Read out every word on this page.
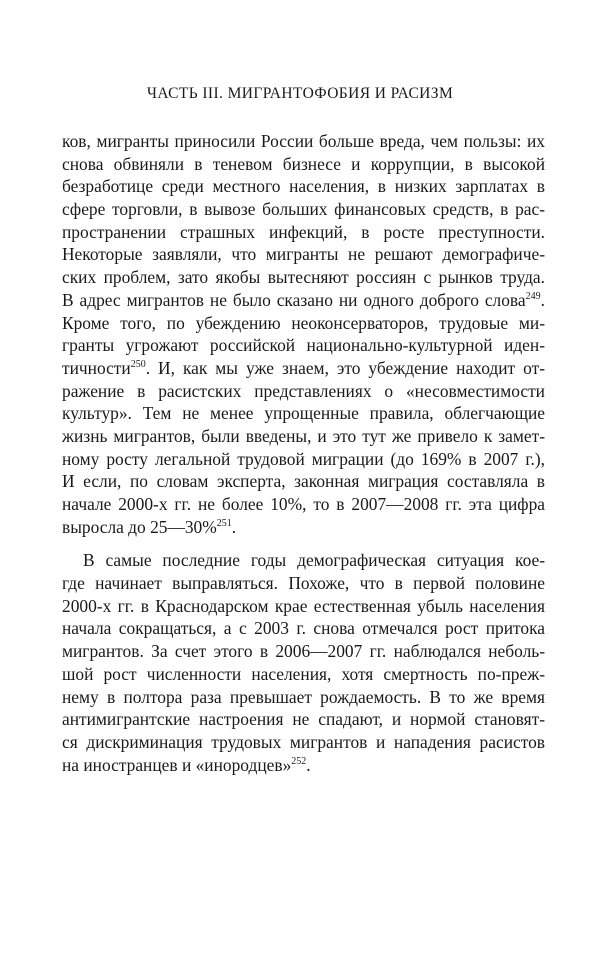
ЧАСТЬ III. МИГРАНТОФОБИЯ И РАСИЗМ
ков, мигранты приносили России больше вреда, чем пользы: их
снова обвиняли в теневом бизнесе и коррупции, в высокой
безработице среди местного населения, в низких зарплатах в
сфере торговли, в вывозе больших финансовых средств, в рас-
пространении страшных инфекций, в росте преступности.
Некоторые заявляли, что мигранты не решают демографиче-
ских проблем, зато якобы вытесняют россиян с рынков труда.
В адрес мигрантов не было сказано ни одного доброго слова$^{249}$.
Кроме того, по убеждению неоконсерваторов, трудовые ми-
гранты угрожают российской национально-культурной иден-
тичности$^{250}$. И, как мы уже знаем, это убеждение находит от-
ражение в расистских представлениях о «несовместимости
культур». Тем не менее упрощенные правила, облегчающие
жизнь мигрантов, были введены, и это тут же привело к замет-
ному росту легальной трудовой миграции (до 169% в 2007 г.),
И если, по словам эксперта, законная миграция составляла в
начале 2000-х гг. не более 10%, то в 2007—2008 гг. эта цифра
выросла до 25—30%$^{251}$.
В самые последние годы демографическая ситуация кое-
где начинает выправляться. Похоже, что в первой половине
2000-х гг. в Краснодарском крае естественная убыль населения
начала сокращаться, а с 2003 г. снова отмечался рост притока
мигрантов. За счет этого в 2006—2007 гг. наблюдался неболь-
шой рост численности населения, хотя смертность по-преж-
нему в полтора раза превышает рождаемость. В то же время
антимигрантские настроения не спадают, и нормой становят-
ся дискриминация трудовых мигрантов и нападения расистов
на иностранцев и «инородцев»$^{252}$.
